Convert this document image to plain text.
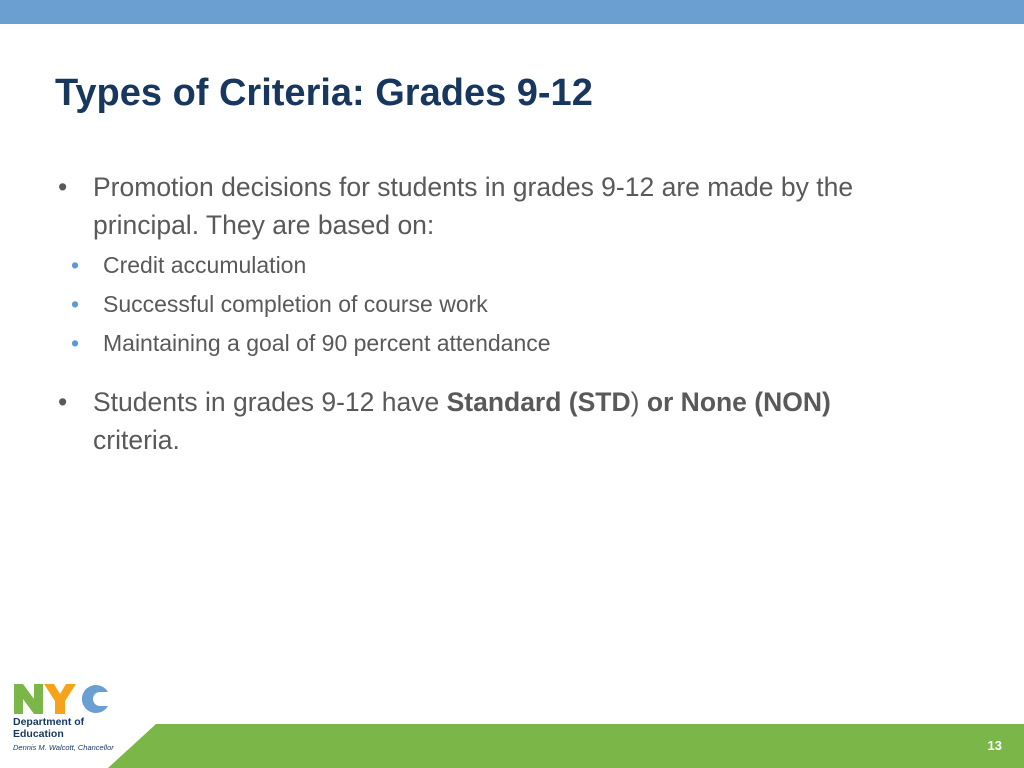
Types of Criteria: Grades 9-12
• Promotion decisions for students in grades 9-12 are made by the principal. They are based on:
• Credit accumulation
• Successful completion of course work
• Maintaining a goal of 90 percent attendance
• Students in grades 9-12 have Standard (STD) or None (NON) criteria.
13
Department of
Education
Dennis M. Walcott, Chancellor
